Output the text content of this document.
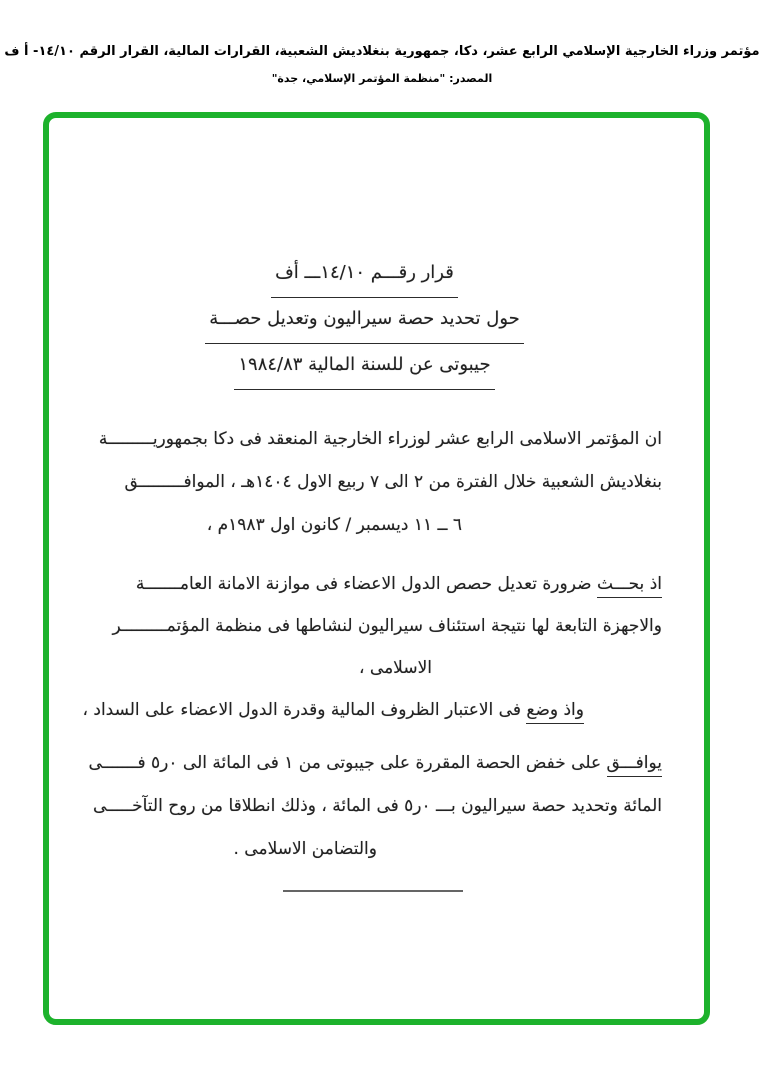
مؤتمر وزراء الخارجية الإسلامي الرابع عشر، دكا، جمهورية بنغلاديش الشعبية، القرارات المالية، القرار الرقم ١٤/١٠- أ ف
المصدر: "منظمة المؤتمر الإسلامي، جدة"
قرار رقـــم ١٤/١٠ـــ أف
حول تحديد حصة سيراليون وتعديل حصـــة
جيبوتى عن للسنة المالية ١٩٨٤/٨٣
ان المؤتمر الاسلامى الرابع عشر لوزراء الخارجية المنعقد فى دكا بجمهوريـــــــــة
بنغلاديش الشعبية خلال الفترة من ٢ الى ٧ ربيع الاول ١٤٠٤هـ ، الموافـــــــــق
٦ ــ ١١ ديسمبر / كانون اول ١٩٨٣م ،
اذ بحـــث ضرورة تعديل حصص الدول الاعضاء فى موازنة الامانة العامـــــــة
والاجهزة التابعة لها نتيجة استئناف سيراليون لنشاطها فى منظمة المؤتمـــــــــر
الاسلامى ،
واذ وضع فى الاعتبار الظروف المالية وقدرة الدول الاعضاء على السداد ،
يوافـــق على خفض الحصة المقررة على جيبوتى من ١ فى المائة الى ٠ر٥ فـــــــى
المائة وتحديد حصة سيراليون بـــ ٠ر٥ فى المائة ، وذلك انطلاقا من روح التآخـــــى
والتضامن الاسلامى .
